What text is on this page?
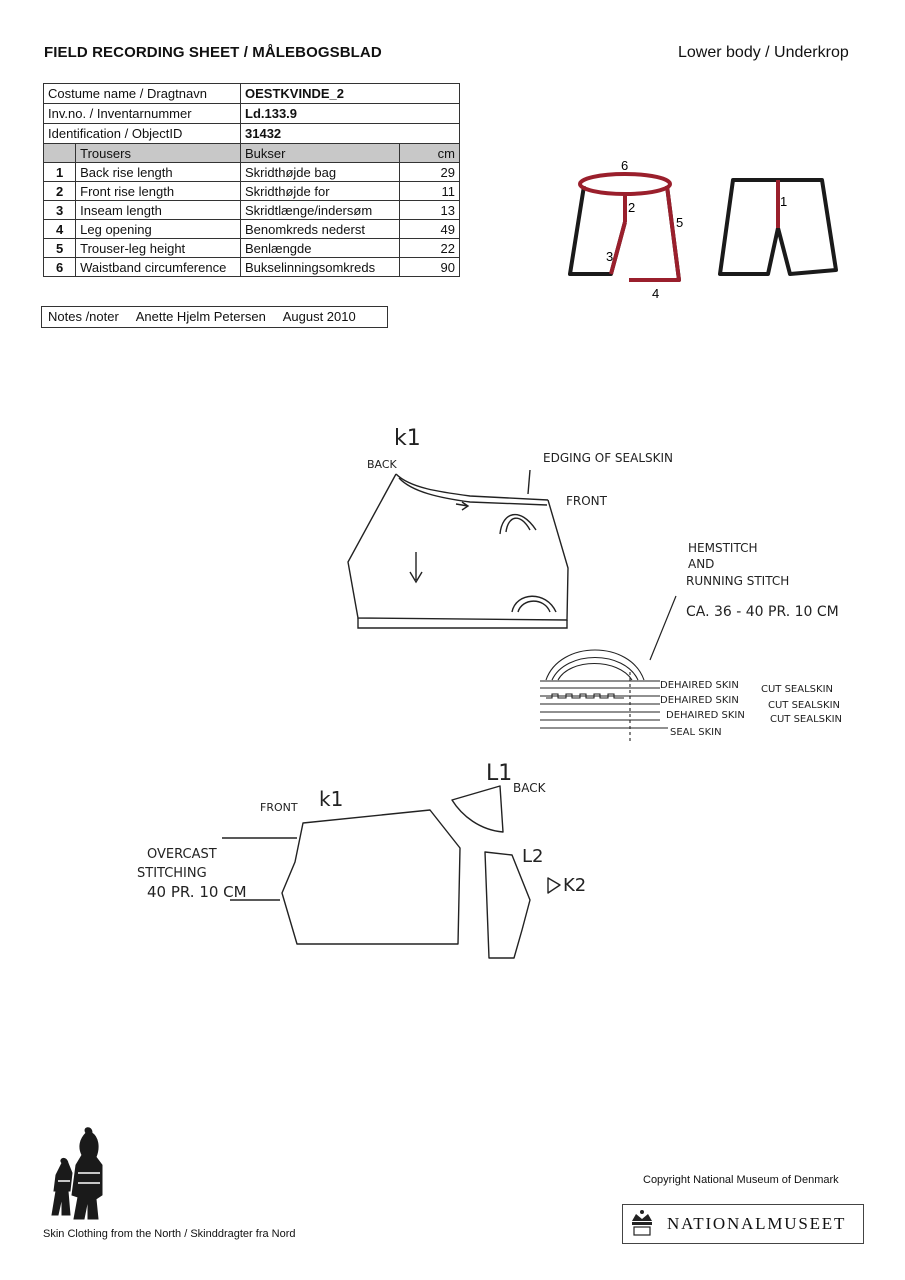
FIELD RECORDING SHEET / MÅLEBOGSBLAD	Lower body / Underkrop
Costume name / Dragtnavn		OESTKVINDE_2	
Inv.no. / Inventarnummer		Ld.133.9	
Identification / ObjectID		31432	
	Trousers	Bukser	cm
1	Back rise length	Skridthøjde bag	29
2	Front rise length	Skridthøjde for	11
3	Inseam length	Skridtlænge/indersøm	13
4	Leg opening	Benomkreds nederst	49
5	Trouser-leg height	Benlængde	22
6	Waistband circumference	Bukselinningsomkreds	90
Notes /noter Anette Hjelm Petersen August 2010
6
2
3
4
5
1
k1
BACK	EDGING OF SEALSKIN
FRONT
HEMSTITCH
AND
RUNNING STITCH
CA. 36 - 40 PR. 10 CM
DEHAIRED SKIN
DEHAIRED SKIN
DEHAIRED SKIN
SEAL SKIN
CUT SEALSKIN
CUT SEALSKIN
CUT SEALSKIN
L1
BACK
FRONT k1
OVERCAST
STITCHING
40 PR. 10 CM
L2
K2
Skin Clothing from the North / Skinddragter fra Nord
Copyright National Museum of Denmark
NATIONALMUSEET
